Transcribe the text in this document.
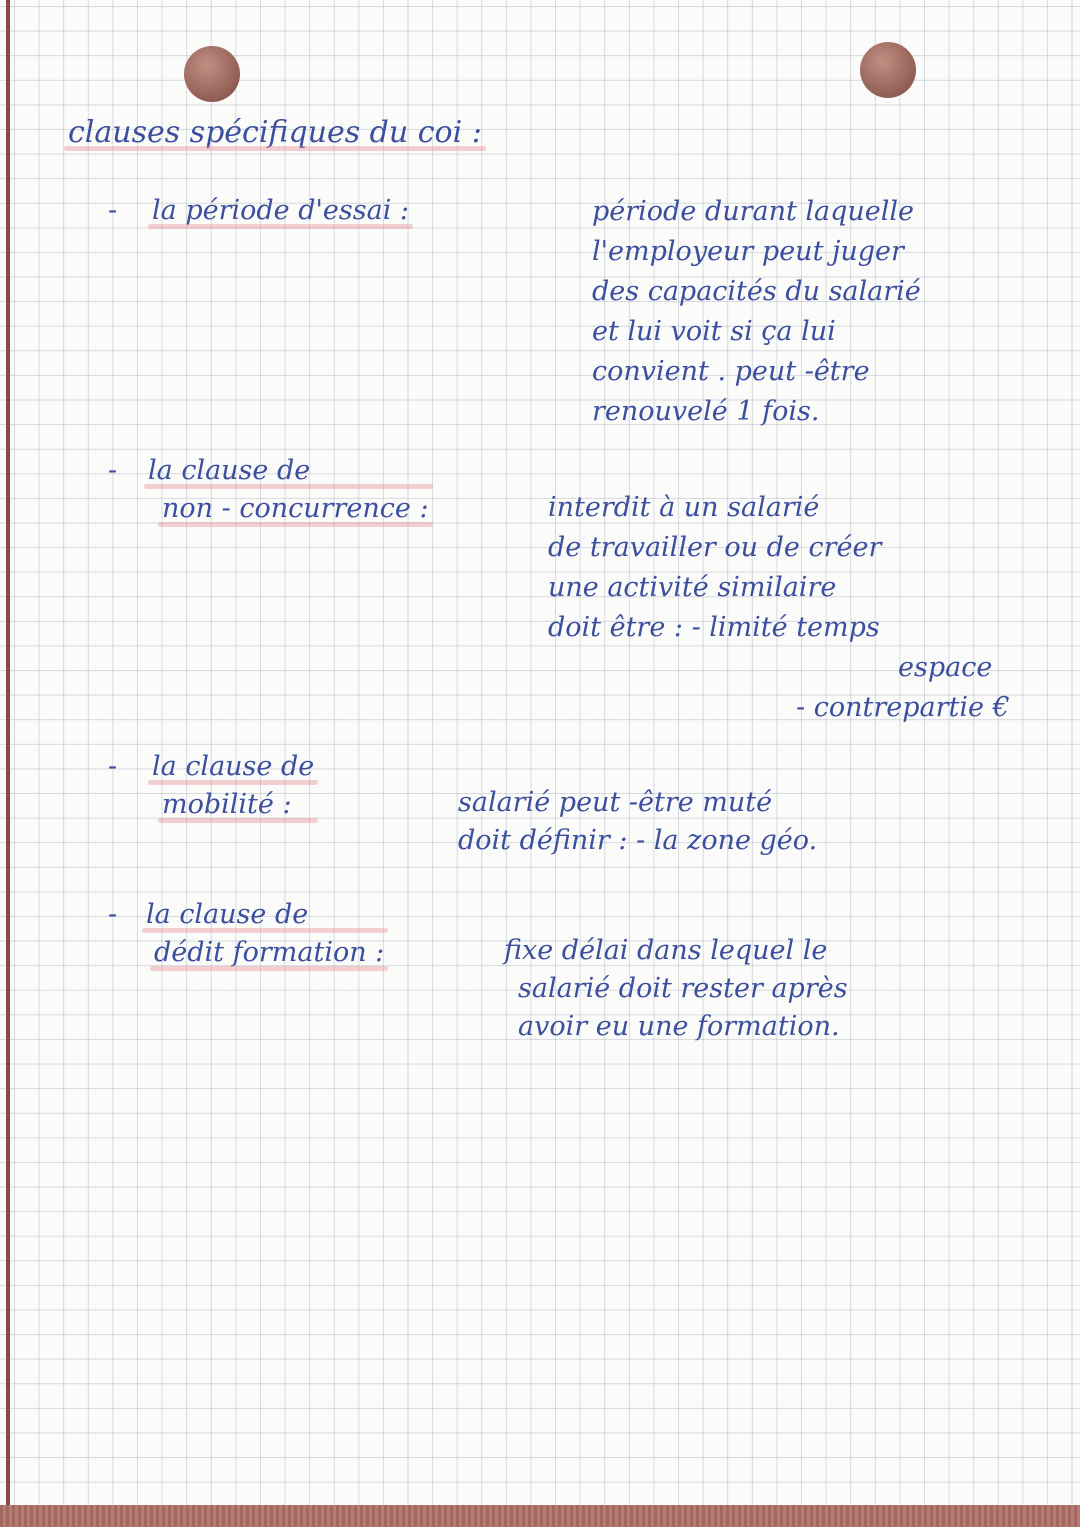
clauses spécifiques du coi :
- la période d'essai :	période durant laquelle
l'employeur peut juger
des capacités du salarié
et lui voit si ça lui
convient . peut -être
renouvelé 1 fois.
- la clause de
non - concurrence :	interdit à un salarié
de travailler ou de créer
une activité similaire
doit être : - limité temps
espace
- contrepartie €
- la clause de
mobilité :	salarié peut -être muté
doit définir : - la zone géo.
- la clause de
dédit formation :	fixe délai dans lequel le
salarié doit rester après
avoir eu une formation.
